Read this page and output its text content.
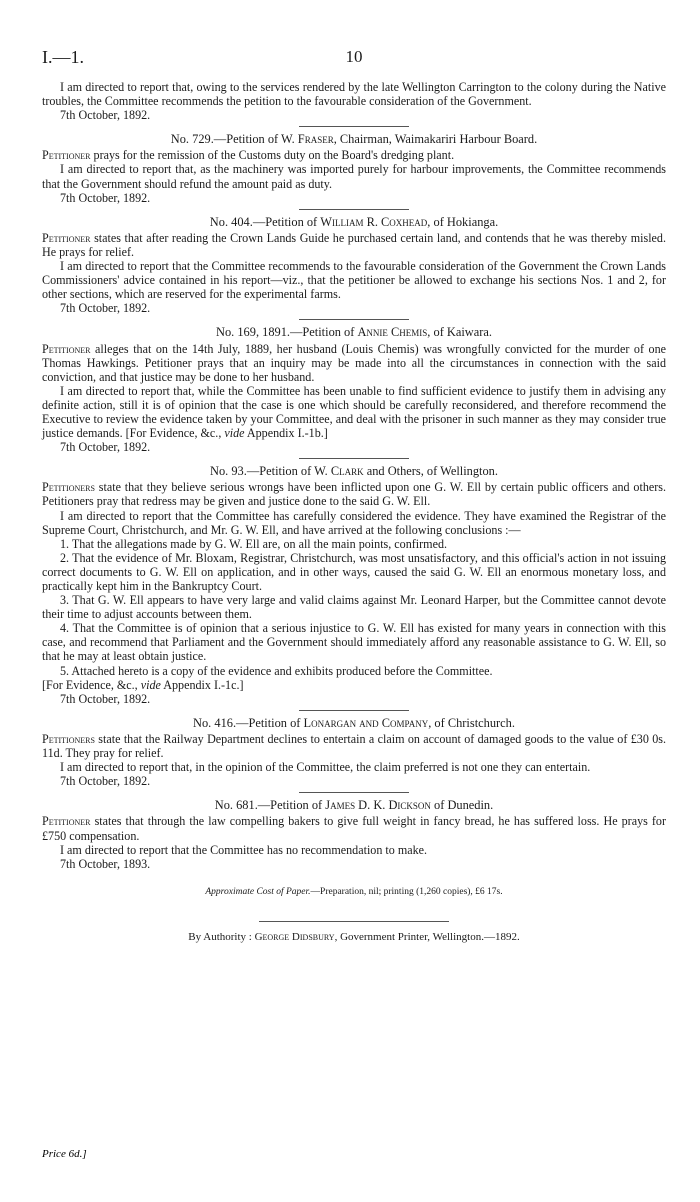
I.—1.	10

I am directed to report that, owing to the services rendered by the late Wellington Carrington to the colony during the Native troubles, the Committee recommends the petition to the favourable consideration of the Government.

7th October, 1892.

No. 729.—Petition of W. Fraser, Chairman, Waimakariri Harbour Board.

Petitioner prays for the remission of the Customs duty on the Board's dredging plant.

I am directed to report that, as the machinery was imported purely for harbour improvements, the Committee recommends that the Government should refund the amount paid as duty.

7th October, 1892.

No. 404.—Petition of William R. Coxhead, of Hokianga.

Petitioner states that after reading the Crown Lands Guide he purchased certain land, and contends that he was thereby misled. He prays for relief.

I am directed to report that the Committee recommends to the favourable consideration of the Government the Crown Lands Commissioners' advice contained in his report—viz., that the petitioner be allowed to exchange his sections Nos. 1 and 2, for other sections, which are reserved for the experimental farms.

7th October, 1892.

No. 169, 1891.—Petition of Annie Chemis, of Kaiwara.

Petitioner alleges that on the 14th July, 1889, her husband (Louis Chemis) was wrongfully convicted for the murder of one Thomas Hawkings. Petitioner prays that an inquiry may be made into all the circumstances in connection with the said conviction, and that justice may be done to her husband.

I am directed to report that, while the Committee has been unable to find sufficient evidence to justify them in advising any definite action, still it is of opinion that the case is one which should be carefully reconsidered, and therefore recommend the Executive to review the evidence taken by your Committee, and deal with the prisoner in such manner as they may consider true justice demands. [For Evidence, &c., vide Appendix I.-1b.]

7th October, 1892.

No. 93.—Petition of W. Clark and Others, of Wellington.

Petitioners state that they believe serious wrongs have been inflicted upon one G. W. Ell by certain public officers and others. Petitioners pray that redress may be given and justice done to the said G. W. Ell.

I am directed to report that the Committee has carefully considered the evidence. They have examined the Registrar of the Supreme Court, Christchurch, and Mr. G. W. Ell, and have arrived at the following conclusions :—

1. That the allegations made by G. W. Ell are, on all the main points, confirmed.

2. That the evidence of Mr. Bloxam, Registrar, Christchurch, was most unsatisfactory, and this official's action in not issuing correct documents to G. W. Ell on application, and in other ways, caused the said G. W. Ell an enormous monetary loss, and practically kept him in the Bankruptcy Court.

3. That G. W. Ell appears to have very large and valid claims against Mr. Leonard Harper, but the Committee cannot devote their time to adjust accounts between them.

4. That the Committee is of opinion that a serious injustice to G. W. Ell has existed for many years in connection with this case, and recommend that Parliament and the Government should immediately afford any reasonable assistance to G. W. Ell, so that he may at least obtain justice.

5. Attached hereto is a copy of the evidence and exhibits produced before the Committee.

[For Evidence, &c., vide Appendix I.-1c.]

7th October, 1892.

No. 416.—Petition of Lonargan and Company, of Christchurch.

Petitioners state that the Railway Department declines to entertain a claim on account of damaged goods to the value of £30 0s. 11d. They pray for relief.

I am directed to report that, in the opinion of the Committee, the claim preferred is not one they can entertain.

7th October, 1892.

No. 681.—Petition of James D. K. Dickson of Dunedin.

Petitioner states that through the law compelling bakers to give full weight in fancy bread, he has suffered loss. He prays for £750 compensation.

I am directed to report that the Committee has no recommendation to make.

7th October, 1893.

Approximate Cost of Paper.—Preparation, nil; printing (1,260 copies), £6 17s.

By Authority : George Didsbury, Government Printer, Wellington.—1892.

Price 6d.]
